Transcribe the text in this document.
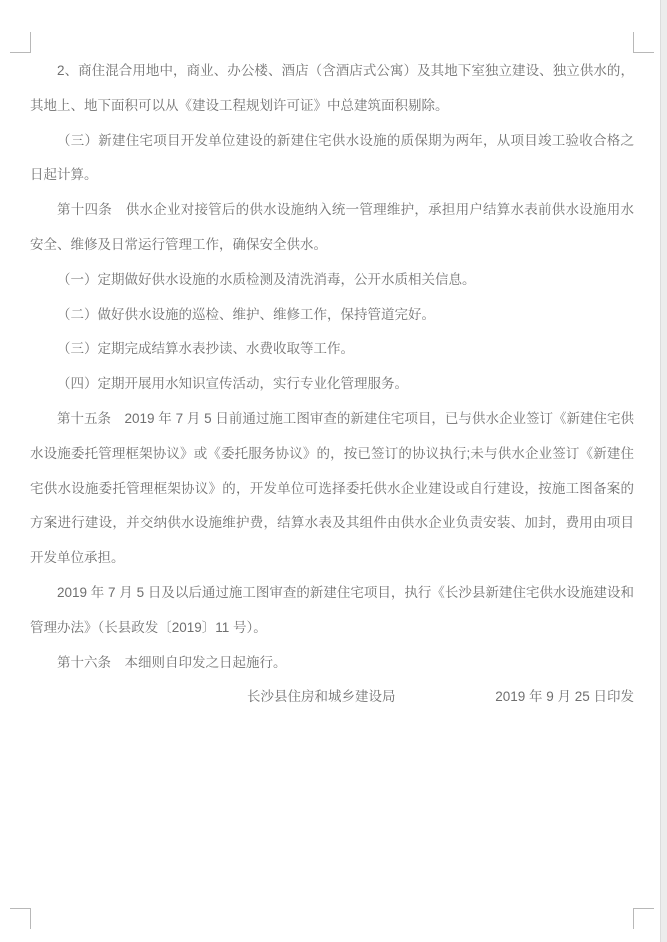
2、商住混合用地中，商业、办公楼、酒店（含酒店式公寓）及其地下室独立建设、独立供水的，其地上、地下面积可以从《建设工程规划许可证》中总建筑面积剔除。

（三）新建住宅项目开发单位建设的新建住宅供水设施的质保期为两年，从项目竣工验收合格之日起计算。

第十四条　供水企业对接管后的供水设施纳入统一管理维护，承担用户结算水表前供水设施用水安全、维修及日常运行管理工作，确保安全供水。

（一）定期做好供水设施的水质检测及清洗消毒，公开水质相关信息。

（二）做好供水设施的巡检、维护、维修工作，保持管道完好。

（三）定期完成结算水表抄读、水费收取等工作。

（四）定期开展用水知识宣传活动，实行专业化管理服务。

第十五条　2019 年 7 月 5 日前通过施工图审查的新建住宅项目，已与供水企业签订《新建住宅供水设施委托管理框架协议》或《委托服务协议》的，按已签订的协议执行;未与供水企业签订《新建住宅供水设施委托管理框架协议》的，开发单位可选择委托供水企业建设或自行建设，按施工图备案的方案进行建设，并交纳供水设施维护费，结算水表及其组件由供水企业负责安装、加封，费用由项目开发单位承担。

2019 年 7 月 5 日及以后通过施工图审查的新建住宅项目，执行《长沙县新建住宅供水设施建设和管理办法》（长县政发〔2019〕11 号）。

第十六条　本细则自印发之日起施行。

长沙县住房和城乡建设局	2019 年 9 月 25 日印发
